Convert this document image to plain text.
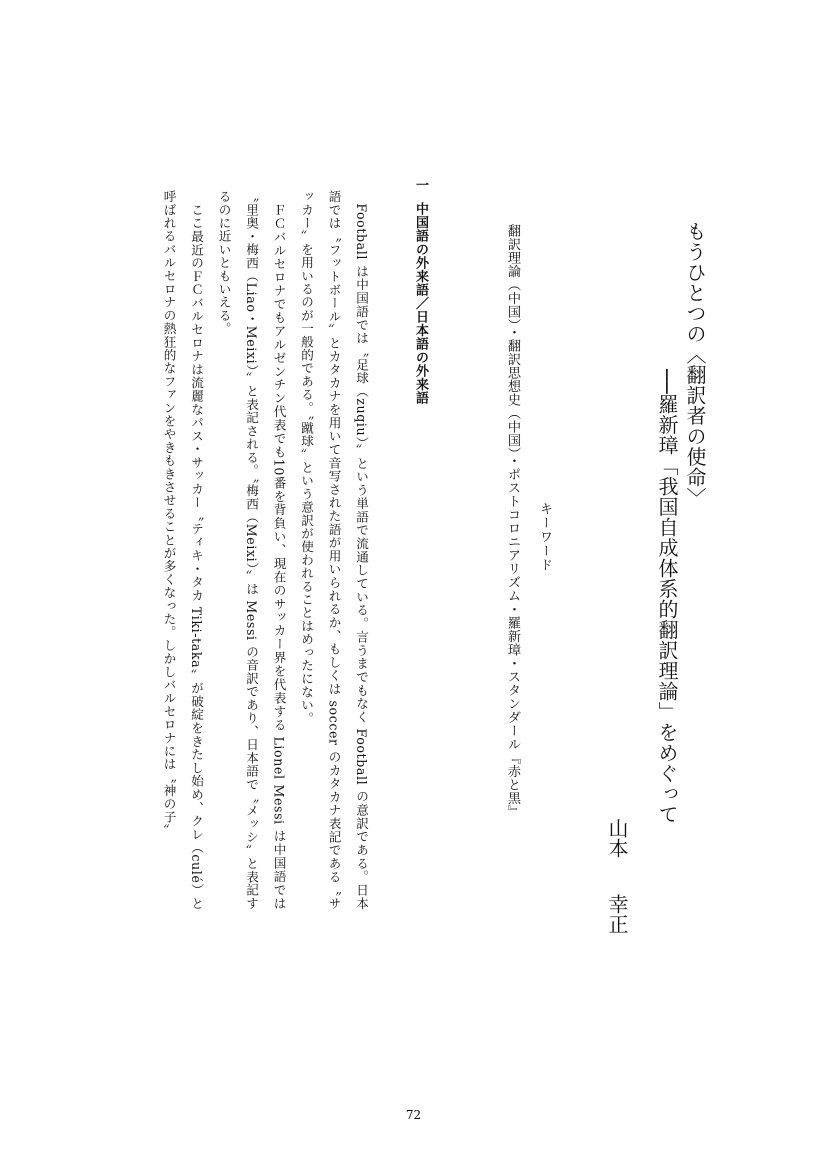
もうひとつの〈翻訳者の使命〉
──羅新璋「我国自成体系的翻訳理論」をめぐって
山本幸正
キーワード
翻訳理論（中国）・翻訳思想史（中国）・ポストコロニアリズム・羅新璋・スタンダール『赤と黒』
一中国語の外来語／日本語の外来語

　Football は中国語では〝足球（zuqiu）〟という単語で流通している。言うまでもなく Football の意訳である。日本語では〝フットボール〟とカタカナを用いて音写された語が用いられるか、もしくは soccer のカタカナ表記である〝サッカー〟を用いるのが一般的である。〝蹴球〟という意訳が使われることはめったにない。

　ＦＣバルセロナでもアルゼンチン代表でも10番を背負い、現在のサッカー界を代表する Lionel Messi は中国語では〝里奥・梅西（Liao・Meixi）〟と表記される。〝梅西（Meixi）〟は Messi の音訳であり、日本語で〝メッシ〟と表記するのに近いともいえる。

　ここ最近のＦＣバルセロナは流麗なパス・サッカー〝ティキ・タカ Tiki-taka〟が破綻をきたし始め、クレ（culé）と呼ばれるバルセロナの熱狂的なファンをやきもきさせることが多くなった。しかしバルセロナには〝神の子〟

72
